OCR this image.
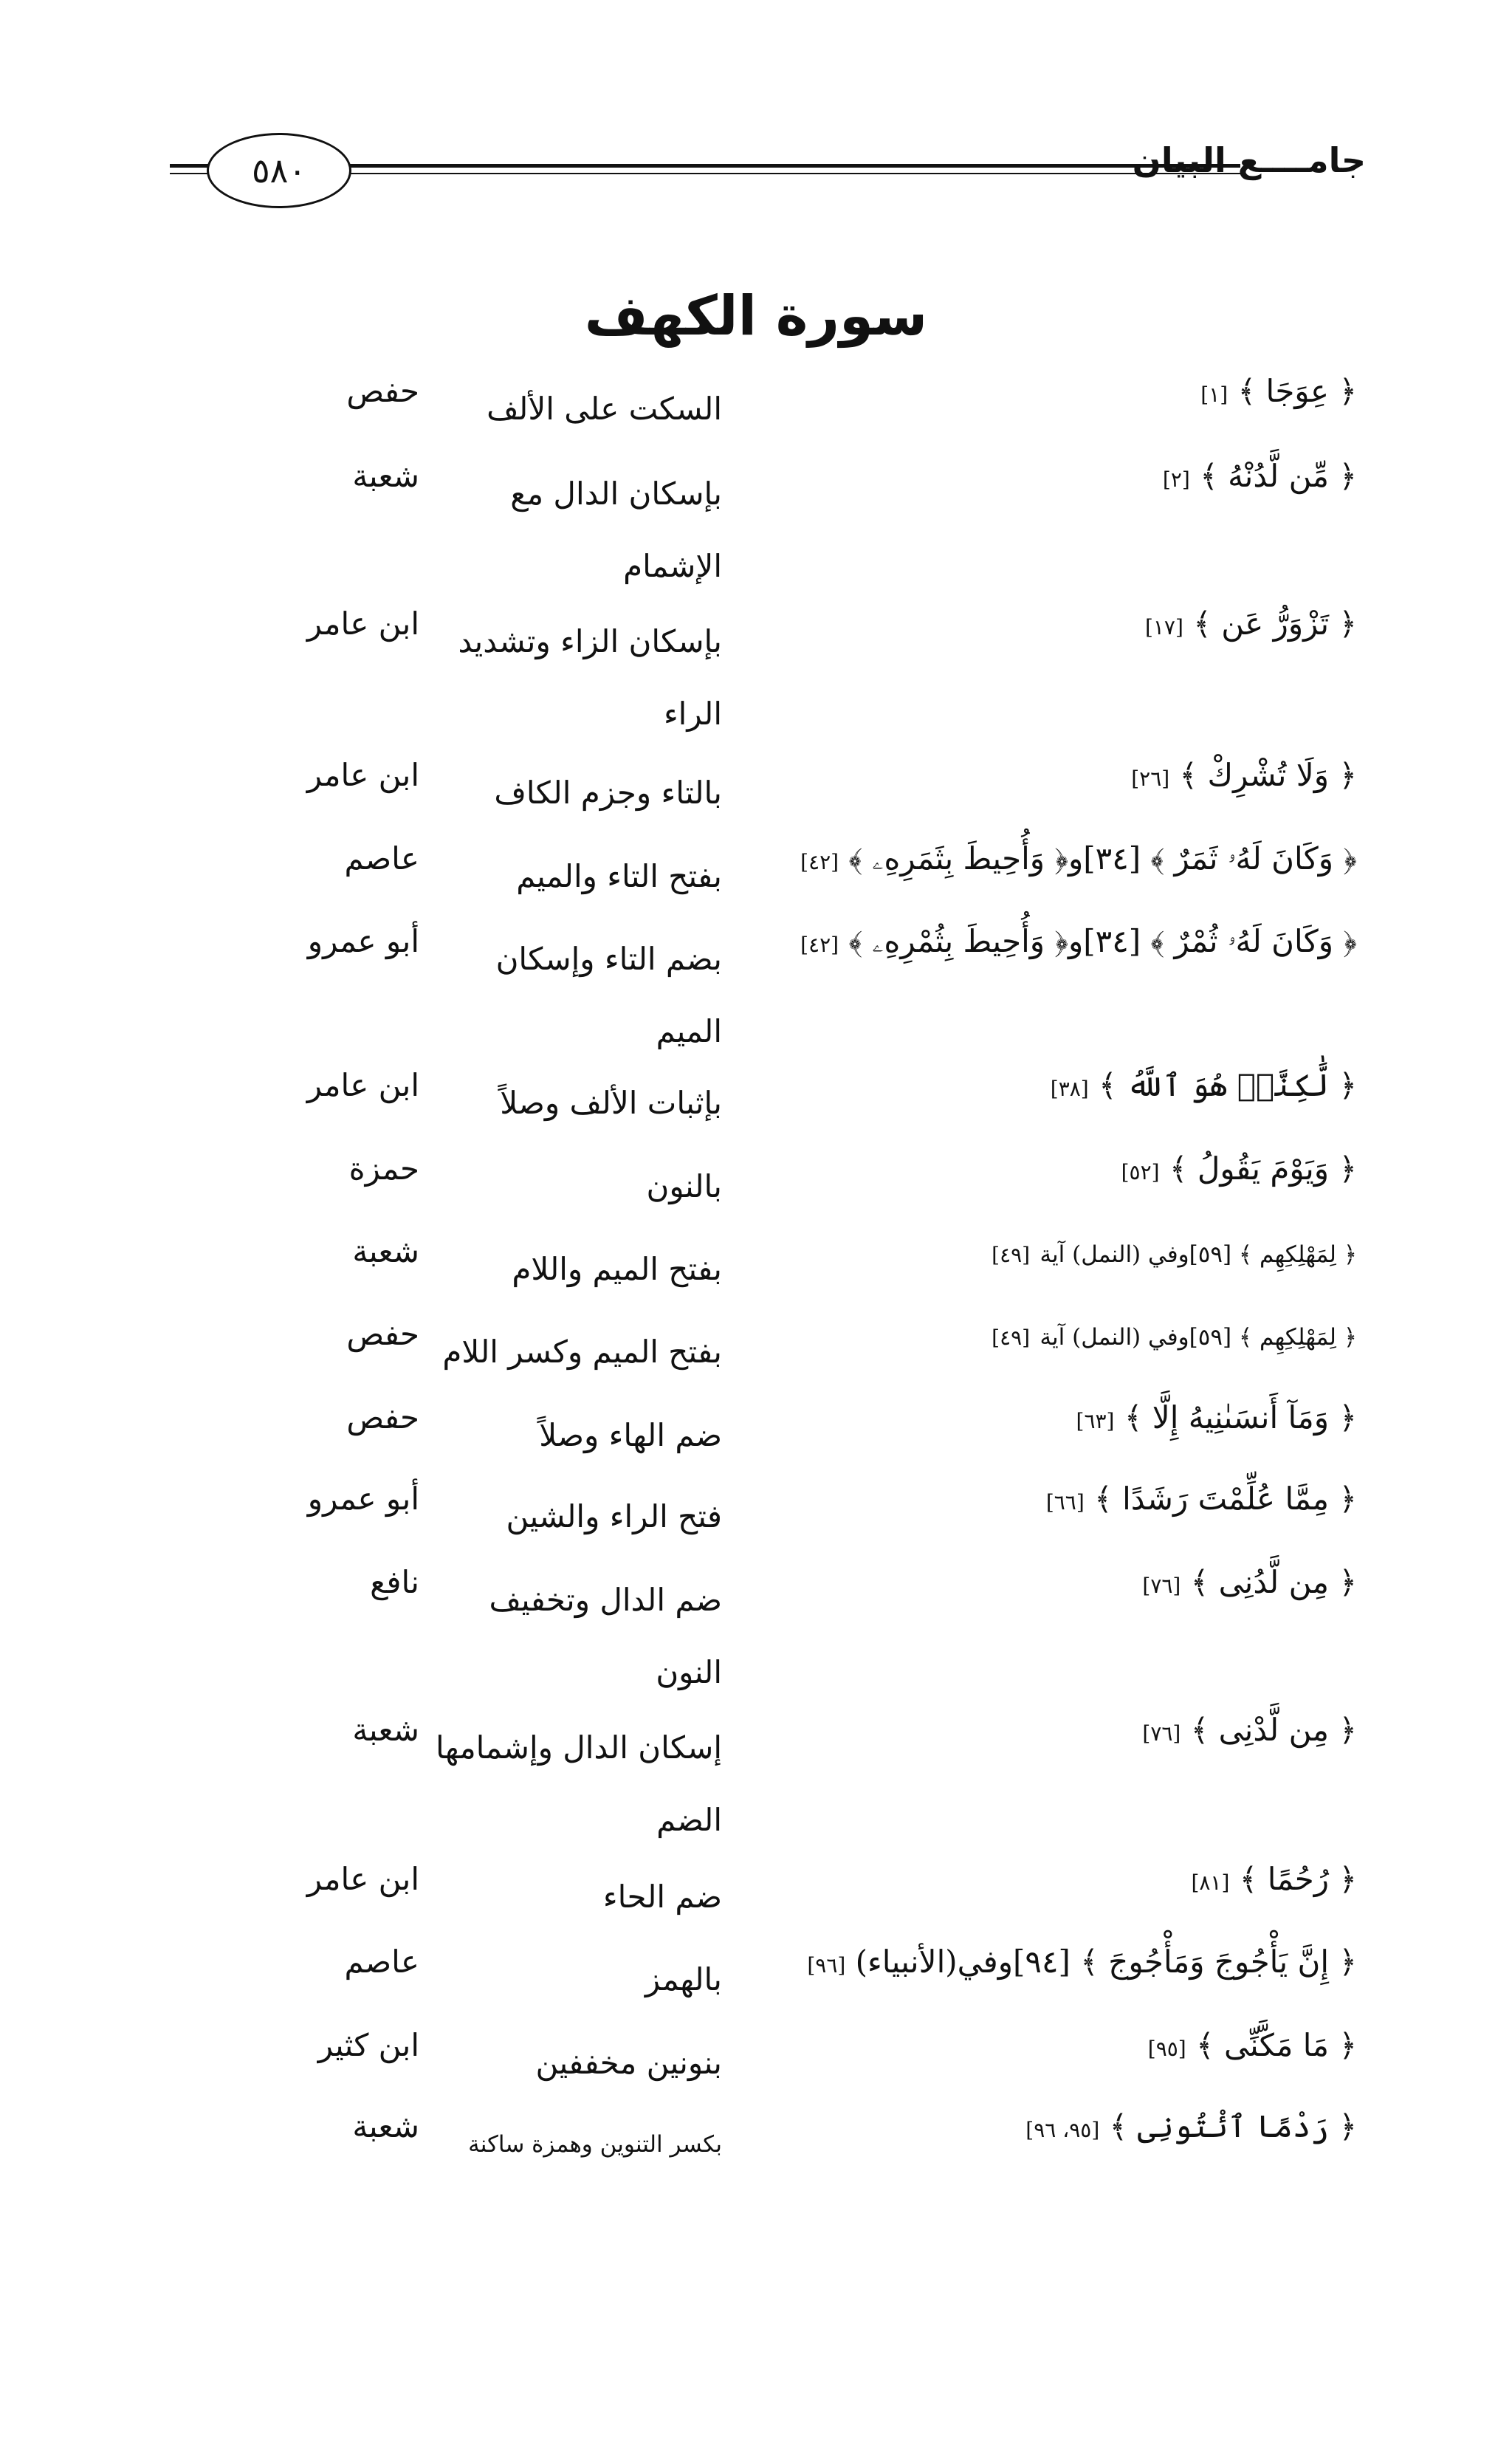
٥٨٠	جامــــع البيان
سورة الكهف
﴿ عِوَجَا ﴾ [١]
السكت على الألف
حفص
﴿ مِّن لَّدُنْهُ ﴾ [٢]
بإسكان الدال مع الإشمام
شعبة
﴿ تَزْوَرُّ عَن ﴾ [١٧]
بإسكان الزاء وتشديد الراء
ابن عامر
﴿ وَلَا تُشْرِكْ ﴾ [٢٦]
بالتاء وجزم الكاف
ابن عامر
﴿ وَكَانَ لَهُۥ ثَمَرٌ ﴾ [٣٤]و﴿ وَأُحِيطَ بِثَمَرِهِۦ ﴾ [٤٢]
بفتح التاء والميم
عاصم
﴿ وَكَانَ لَهُۥ ثُمْرٌ ﴾ [٣٤]و﴿ وَأُحِيطَ بِثُمْرِهِۦ ﴾ [٤٢]
بضم التاء وإسكان الميم
أبو عمرو
﴿ لَّٰكِنَّا۠ هُوَ ٱللَّهُ ﴾ [٣٨]
بإثبات الألف وصلاً
ابن عامر
﴿ وَيَوْمَ يَقُولُ ﴾ [٥٢]
بالنون
حمزة
﴿ لِمَهْلِكِهِم ﴾ [٥٩]وفي (النمل) آية [٤٩]
بفتح الميم واللام
شعبة
﴿ لِمَهْلِكِهِم ﴾ [٥٩]وفي (النمل) آية [٤٩]
بفتح الميم وكسر اللام
حفص
﴿ وَمَآ أَنسَىٰنِيهُ إِلَّا ﴾ [٦٣]
ضم الهاء وصلاً
حفص
﴿ مِمَّا عُلِّمْتَ رَشَدًا ﴾ [٦٦]
فتح الراء والشين
أبو عمرو
﴿ مِن لَّدُنِى ﴾ [٧٦]
ضم الدال وتخفيف النون
نافع
﴿ مِن لَّدْنِى ﴾ [٧٦]
إسكان الدال وإشمامها الضم
شعبة
﴿ رُحُمًا ﴾ [٨١]
ضم الحاء
ابن عامر
﴿ إِنَّ يَأْجُوجَ وَمَأْجُوجَ ﴾ [٩٤]وفي(الأنبياء) [٩٦]
بالهمز
عاصم
﴿ مَا مَكَّنِّى ﴾ [٩٥]
بنونين مخففين
ابن كثير
﴿ رَدْمًا ٱئْتُونِى ﴾ [٩٥، ٩٦]
بكسر التنوين وهمزة ساكنة
شعبة
